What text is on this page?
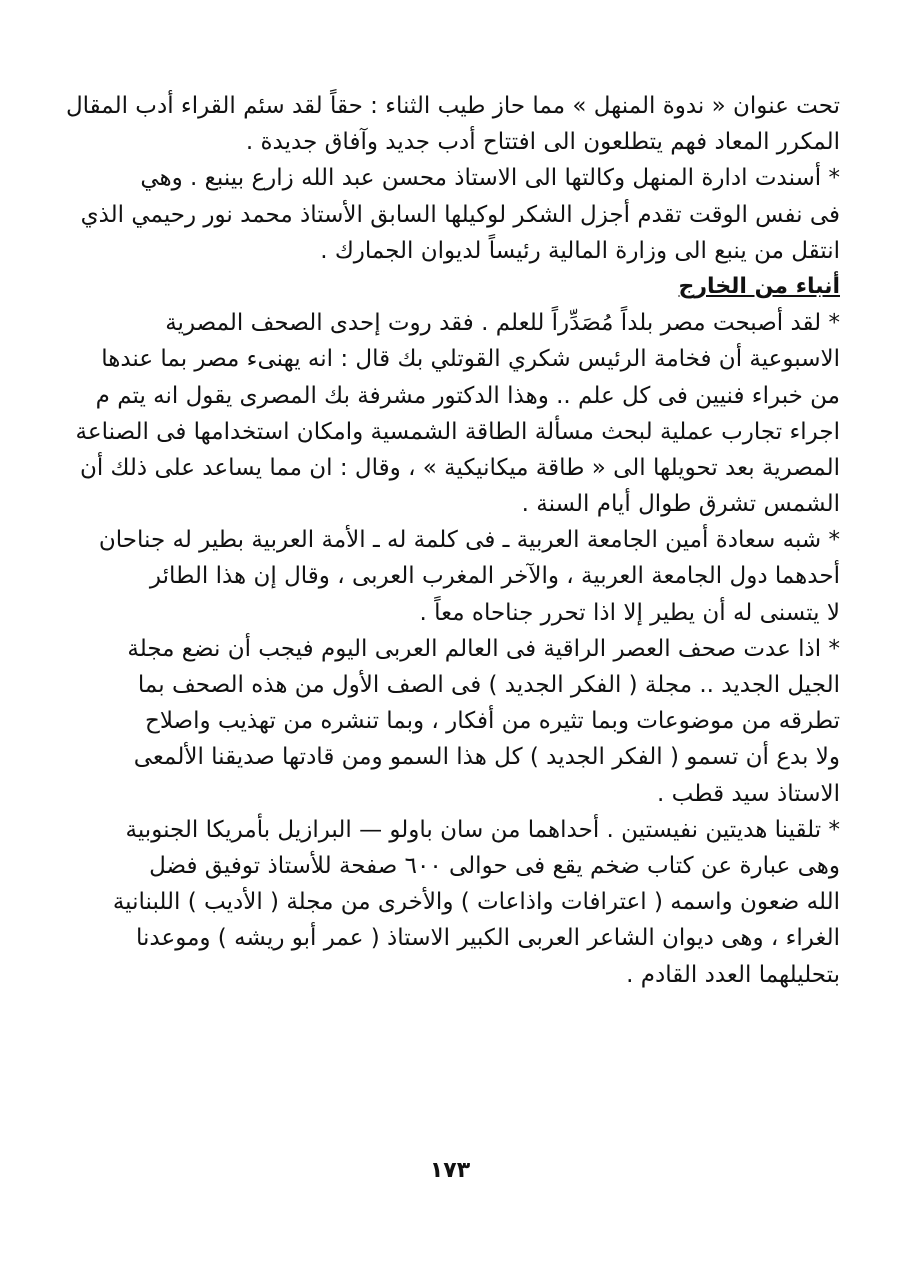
تحت عنوان « ندوة المنهل » مما حاز طيب الثناء : حقاً لقد سئم القراء أدب المقال
المكرر المعاد فهم يتطلعون الى افتتاح أدب جديد وآفاق جديدة .
* أسندت ادارة المنهل وكالتها الى الاستاذ محسن عبد الله زارع بينبع . وهي
فى نفس الوقت تقدم أجزل الشكر لوكيلها السابق الأستاذ محمد نور رحيمي الذي
انتقل من ينبع الى وزارة المالية رئيساً لديوان الجمارك .
أنباء من الخارج
* لقد أصبحت مصر بلداً مُصَدِّراً للعلم . فقد روت إحدى الصحف المصرية
الاسبوعية أن فخامة الرئيس شكري القوتلي بك قال : انه يهنىء مصر بما عندها
من خبراء فنيين فى كل علم .. وهذا الدكتور مشرفة بك المصرى يقول انه يتم م
اجراء تجارب عملية لبحث مسألة الطاقة الشمسية وامكان استخدامها فى الصناعة
المصرية بعد تحويلها الى « طاقة ميكانيكية » ، وقال : ان مما يساعد على ذلك أن
الشمس تشرق طوال أيام السنة .
* شبه سعادة أمين الجامعة العربية ـ فى كلمة له ـ الأمة العربية بطير له جناحان
أحدهما دول الجامعة العربية ، والآخر المغرب العربى ، وقال إن هذا الطائر
لا يتسنى له أن يطير إلا اذا تحرر جناحاه معاً .
* اذا عدت صحف العصر الراقية فى العالم العربى اليوم فيجب أن نضع مجلة
الجيل الجديد .. مجلة ( الفكر الجديد ) فى الصف الأول من هذه الصحف بما
تطرقه من موضوعات وبما تثيره من أفكار ، وبما تنشره من تهذيب واصلاح
ولا بدع أن تسمو ( الفكر الجديد ) كل هذا السمو ومن قادتها صديقنا الألمعى
الاستاذ سيد قطب .
* تلقينا هديتين نفيستين . أحداهما من سان باولو — البرازيل بأمريكا الجنوبية
وهى عبارة عن كتاب ضخم يقع فى حوالى ٦٠٠ صفحة للأستاذ توفيق فضل
الله ضعون واسمه ( اعترافات واذاعات ) والأخرى من مجلة ( الأديب ) اللبنانية
الغراء ، وهى ديوان الشاعر العربى الكبير الاستاذ ( عمر أبو ريشه ) وموعدنا
بتحليلهما العدد القادم .
١٧٣
